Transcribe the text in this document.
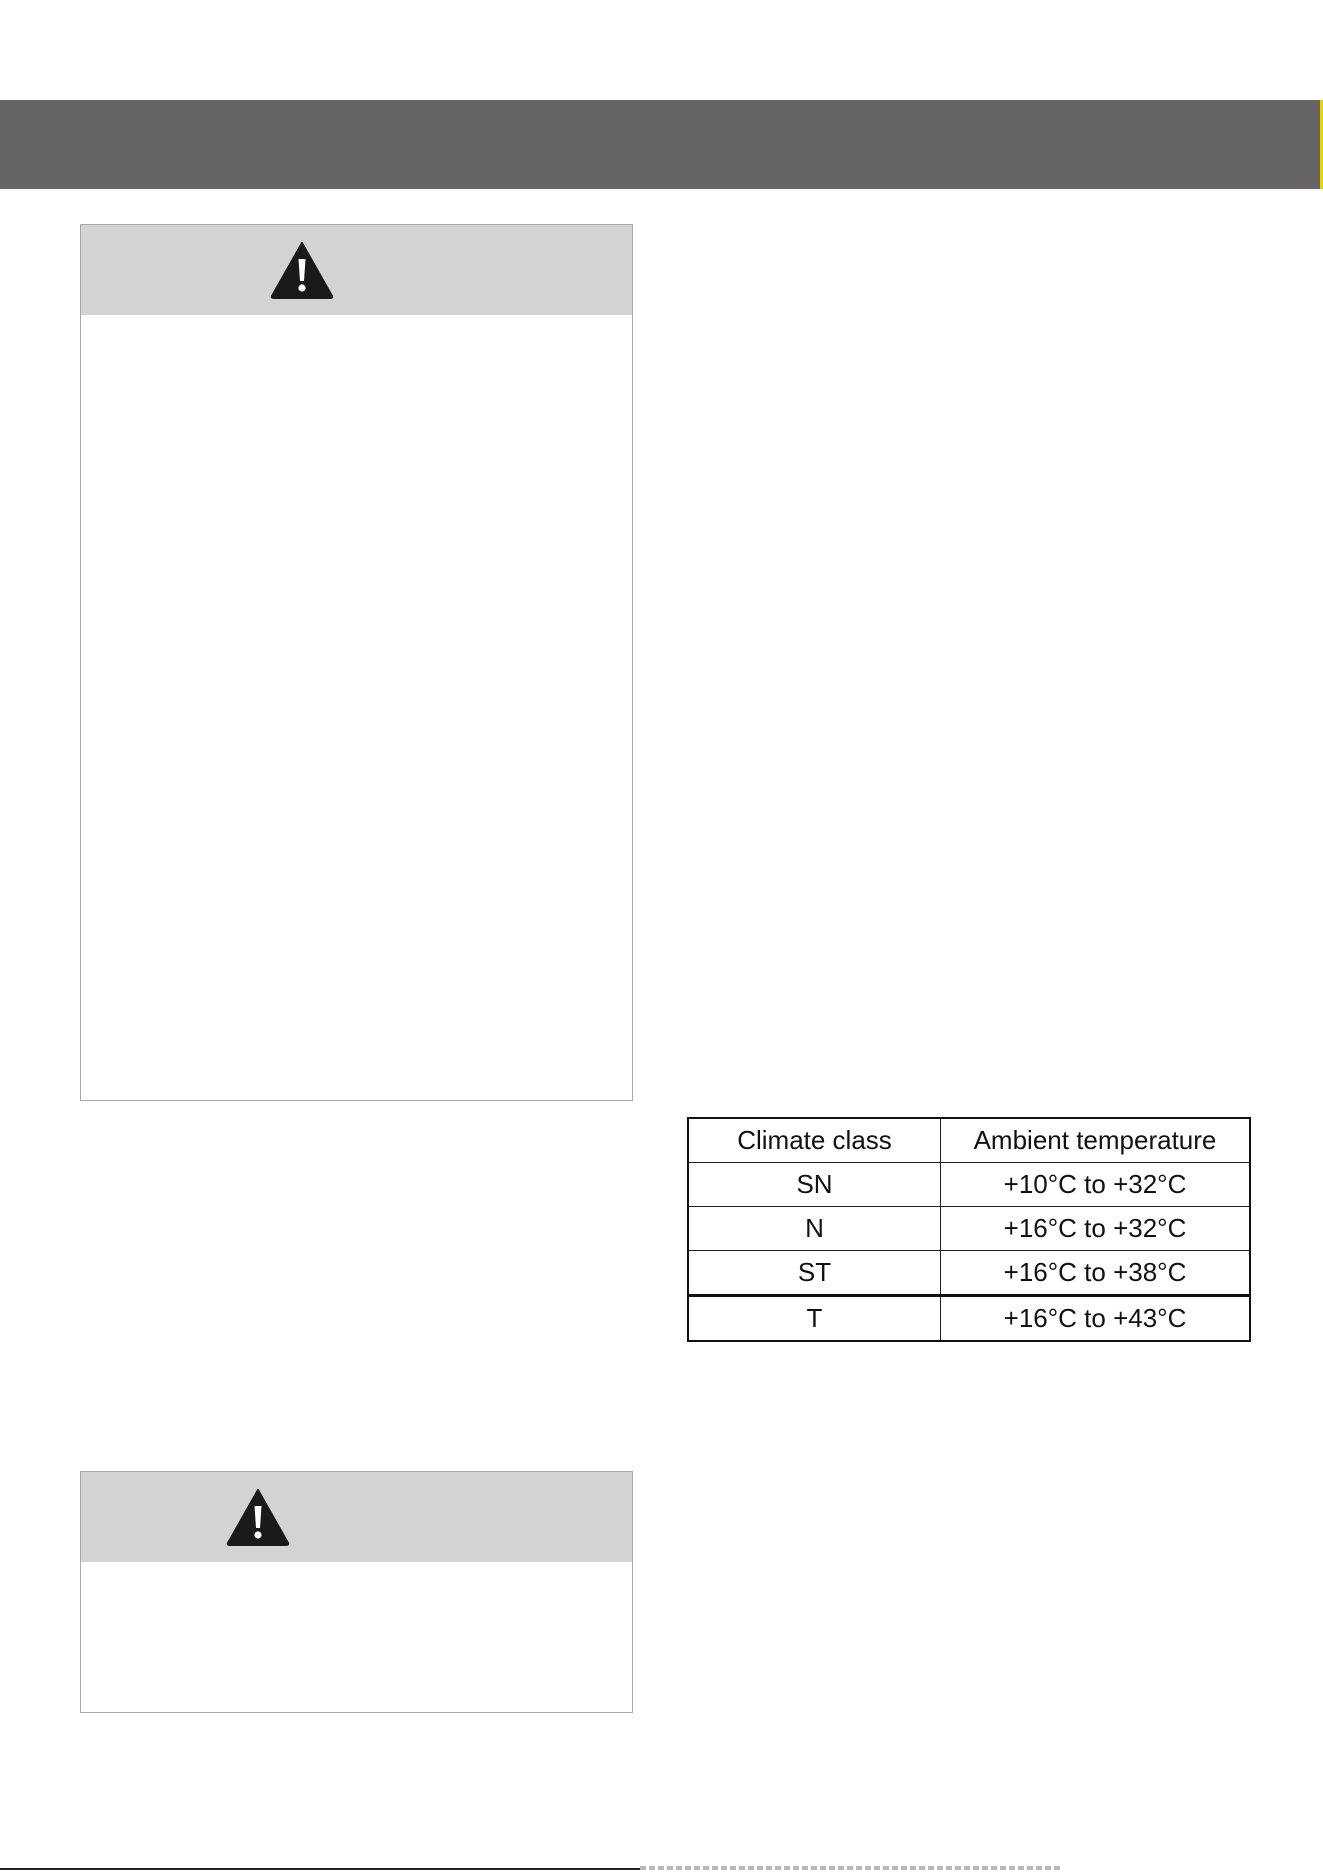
Climate class	Ambient temperature
SN	+10°C to +32°C
N	+16°C to +32°C
ST	+16°C to +38°C
T	+16°C to +43°C
